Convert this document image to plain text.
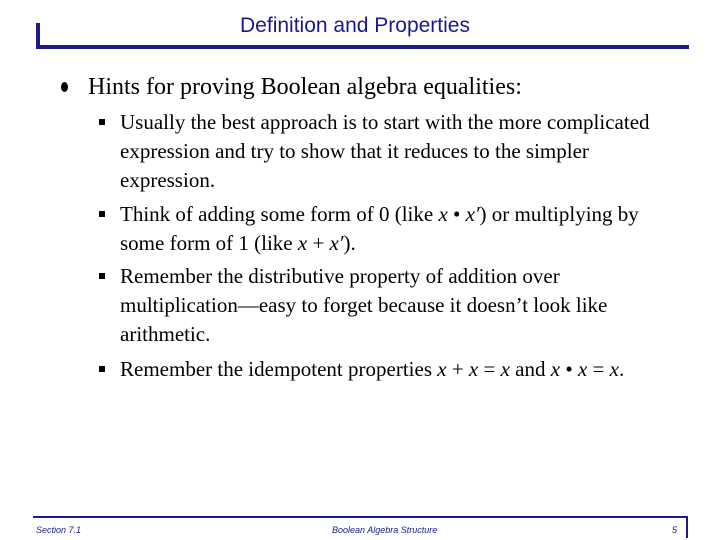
Definition and Properties
Hints for proving Boolean algebra equalities:
Usually the best approach is to start with the more complicated expression and try to show that it reduces to the simpler expression.
Think of adding some form of 0 (like x • x′) or multiplying by some form of 1 (like x + x′).
Remember the distributive property of addition over multiplication—easy to forget because it doesn’t look like arithmetic.
Remember the idempotent properties x + x = x and x • x = x.
Section 7.1	Boolean Algebra Structure	5
